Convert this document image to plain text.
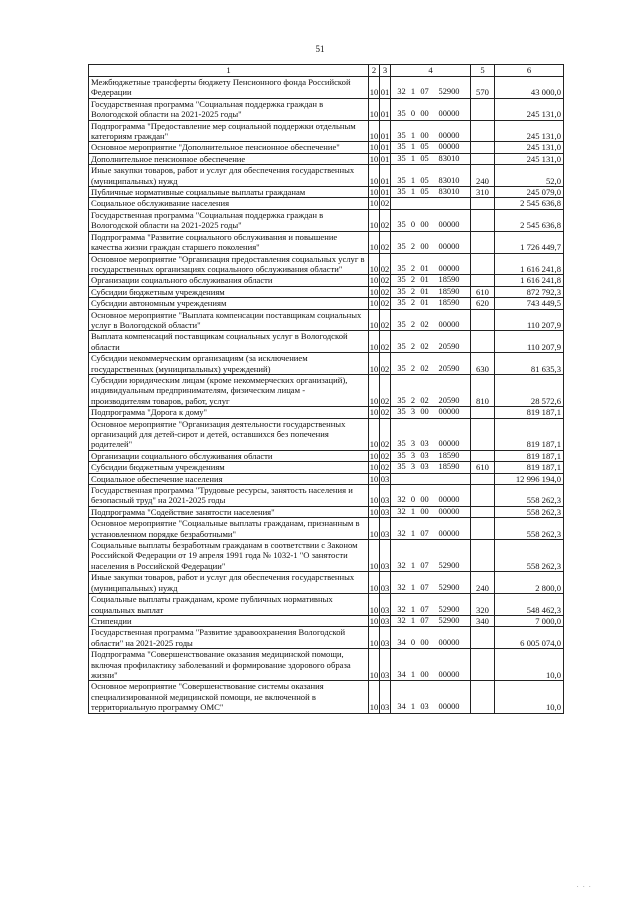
51
1	2	3	4	5	6
Межбюджетные трансферты бюджету Пенсионного фонда Российской Федерации	10	01	32 1 07 52900	570	43 000,0
Государственная программа "Социальная поддержка граждан в Вологодской области на 2021-2025 годы"	10	01	35 0 00 00000		245 131,0
Подпрограмма "Предоставление мер социальной поддержки отдельным категориям граждан"	10	01	35 1 00 00000		245 131,0
Основное мероприятие "Дополнительное пенсионное обеспечение"	10	01	35 1 05 00000		245 131,0
Дополнительное пенсионное обеспечение	10	01	35 1 05 83010		245 131,0
Иные закупки товаров, работ и услуг для обеспечения государственных (муниципальных) нужд	10	01	35 1 05 83010	240	52,0
Публичные нормативные социальные выплаты гражданам	10	01	35 1 05 83010	310	245 079,0
Социальное обслуживание населения	10	02			2 545 636,8
Государственная программа "Социальная поддержка граждан в Вологодской области на 2021-2025 годы"	10	02	35 0 00 00000		2 545 636,8
Подпрограмма "Развитие социального обслуживания и повышение качества жизни граждан старшего поколения"	10	02	35 2 00 00000		1 726 449,7
Основное мероприятие "Организация предоставления социальных услуг в государственных организациях социального обслуживания области"	10	02	35 2 01 00000		1 616 241,8
Организации социального обслуживания области	10	02	35 2 01 18590		1 616 241,8
Субсидии бюджетным учреждениям	10	02	35 2 01 18590	610	872 792,3
Субсидии автономным учреждениям	10	02	35 2 01 18590	620	743 449,5
Основное мероприятие "Выплата компенсации поставщикам социальных услуг в Вологодской области"	10	02	35 2 02 00000		110 207,9
Выплата компенсаций поставщикам социальных услуг в Вологодской области	10	02	35 2 02 20590		110 207,9
Субсидии некоммерческим организациям (за исключением государственных (муниципальных) учреждений)	10	02	35 2 02 20590	630	81 635,3
Субсидии юридическим лицам (кроме некоммерческих организаций), индивидуальным предпринимателям, физическим лицам - производителям товаров, работ, услуг	10	02	35 2 02 20590	810	28 572,6
Подпрограмма "Дорога к дому"	10	02	35 3 00 00000		819 187,1
Основное мероприятие "Организация деятельности государственных организаций для детей-сирот и детей, оставшихся без попечения родителей"	10	02	35 3 03 00000		819 187,1
Организации социального обслуживания области	10	02	35 3 03 18590		819 187,1
Субсидии бюджетным учреждениям	10	02	35 3 03 18590	610	819 187,1
Социальное обеспечение населения	10	03			12 996 194,0
Государственная программа "Трудовые ресурсы, занятость населения и безопасный труд" на 2021-2025 годы	10	03	32 0 00 00000		558 262,3
Подпрограмма "Содействие занятости населения"	10	03	32 1 00 00000		558 262,3
Основное мероприятие "Социальные выплаты гражданам, признанным в установленном порядке безработными"	10	03	32 1 07 00000		558 262,3
Социальные выплаты безработным гражданам в соответствии с Законом Российской Федерации от 19 апреля 1991 года № 1032-1 "О занятости населения в Российской Федерации"	10	03	32 1 07 52900		558 262,3
Иные закупки товаров, работ и услуг для обеспечения государственных (муниципальных) нужд	10	03	32 1 07 52900	240	2 800,0
Социальные выплаты гражданам, кроме публичных нормативных социальных выплат	10	03	32 1 07 52900	320	548 462,3
Стипендии	10	03	32 1 07 52900	340	7 000,0
Государственная программа "Развитие здравоохранения Вологодской области" на 2021-2025 годы	10	03	34 0 00 00000		6 005 074,0
Подпрограмма "Совершенствование оказания медицинской помощи, включая профилактику заболеваний и формирование здорового образа жизни"	10	03	34 1 00 00000		10,0
Основное мероприятие "Совершенствование системы оказания специализированной медицинской помощи, не включенной в территориальную программу ОМС"	10	03	34 1 03 00000		10,0
· · ·
